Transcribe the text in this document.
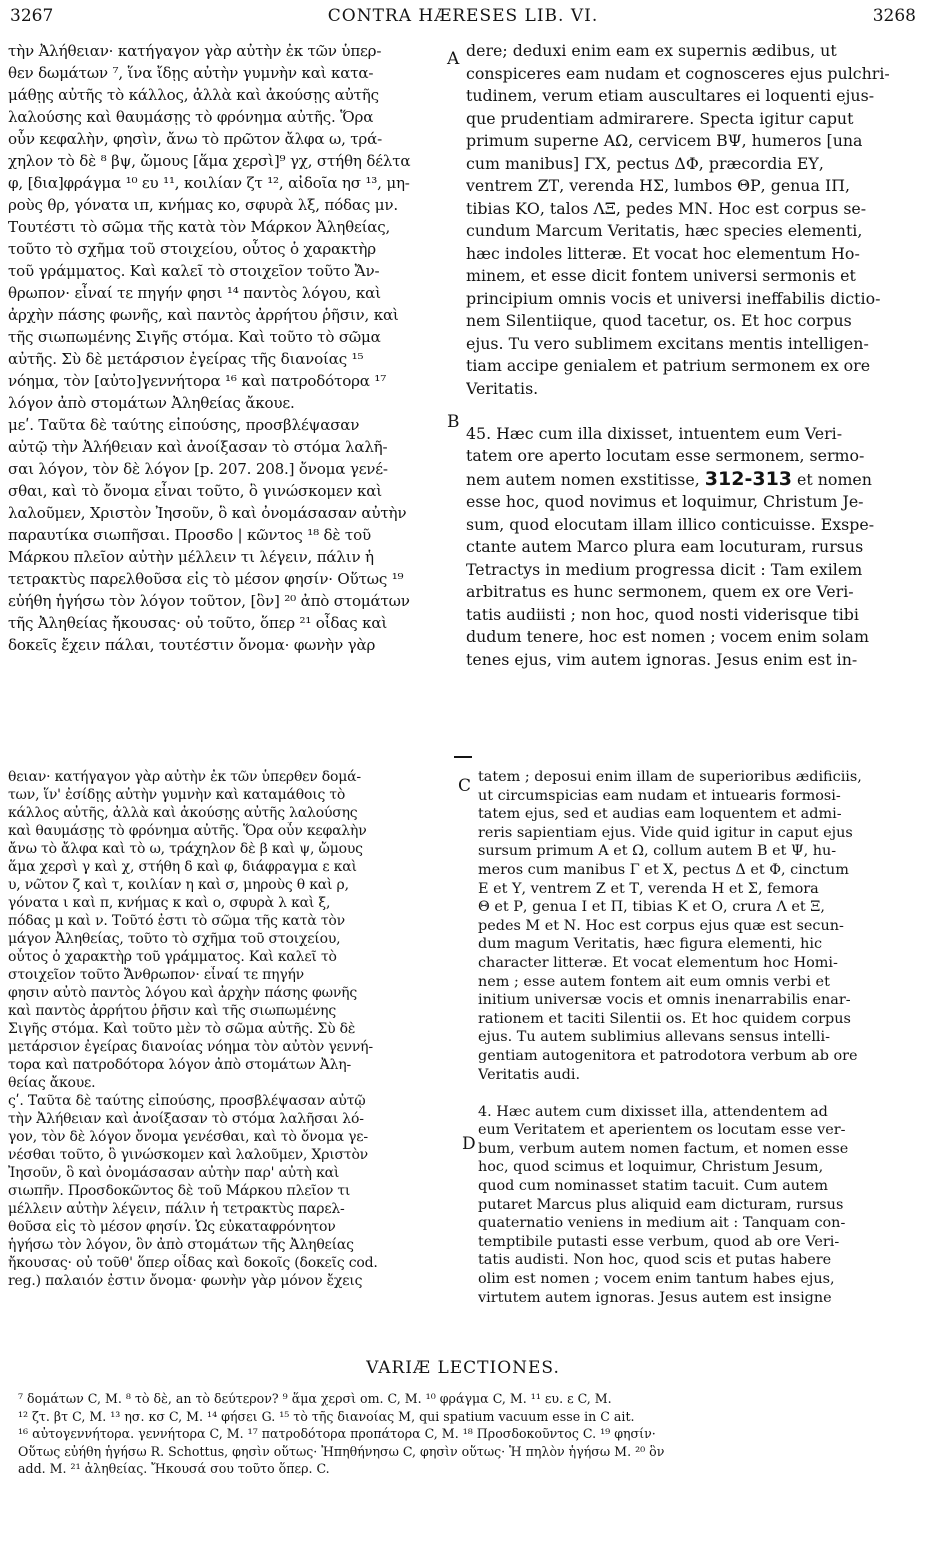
3267	CONTRA HÆRESES LIB. VI.	3268

τὴν Ἀλήθειαν· κατήγαγον γὰρ αὐτὴν ἐκ τῶν ὑπερ-

θεν δωμάτων ⁷, ἵνα ἴδῃς αὐτὴν γυμνὴν καὶ κατα-

μάθῃς αὐτῆς τὸ κάλλος, ἀλλὰ καὶ ἀκούσῃς αὐτῆς

λαλούσης καὶ θαυμάσῃς τὸ φρόνημα αὐτῆς. Ὅρα

οὖν κεφαλὴν, φησὶν, ἄνω τὸ πρῶτον ἄλφα ω, τρά-

χηλον τὸ δὲ ⁸ βψ, ὤμους [ἅμα χερσὶ]⁹ γχ, στήθη δέλτα

φ, [δια]φράγμα ¹⁰ ευ ¹¹, κοιλίαν ζτ ¹², αἰδοῖα ησ ¹³, μη-

ροὺς θρ, γόνατα ιπ, κνήμας κο, σφυρὰ λξ, πόδας μν.

Τουτέστι τὸ σῶμα τῆς κατὰ τὸν Μάρκον Ἀληθείας,

τοῦτο τὸ σχῆμα τοῦ στοιχείου, οὗτος ὁ χαρακτὴρ

τοῦ γράμματος. Καὶ καλεῖ τὸ στοιχεῖον τοῦτο Ἄν-

θρωπον· εἶναί τε πηγήν φησι ¹⁴ παντὸς λόγου, καὶ

ἀρχὴν πάσης φωνῆς, καὶ παντὸς ἀρρήτου ῥῆσιν, καὶ

τῆς σιωπωμένης Σιγῆς στόμα. Καὶ τοῦτο τὸ σῶμα

αὐτῆς. Σὺ δὲ μετάρσιον ἐγείρας τῆς διανοίας ¹⁵

νόημα, τὸν [αὐτο]γεννήτορα ¹⁶ καὶ πατροδότορα ¹⁷

λόγον ἀπὸ στομάτων Ἀληθείας ἄκουε.

μεʹ. Ταῦτα δὲ ταύτης εἰπούσης, προσβλέψασαν

αὐτῷ τὴν Ἀλήθειαν καὶ ἀνοίξασαν τὸ στόμα λαλῆ-

σαι λόγον, τὸν δὲ λόγον [p. 207. 208.] ὄνομα γενέ-

σθαι, καὶ τὸ ὄνομα εἶναι τοῦτο, ὃ γινώσκομεν καὶ

λαλοῦμεν, Χριστὸν Ἰησοῦν, ὃ καὶ ὀνομάσασαν αὐτὴν

παραυτίκα σιωπῆσαι. Προσδο | κῶντος ¹⁸ δὲ τοῦ

Μάρκου πλεῖον αὐτὴν μέλλειν τι λέγειν, πάλιν ἡ

τετρακτὺς παρελθοῦσα εἰς τὸ μέσον φησίν· Οὕτως ¹⁹

εὐήθη ἡγήσω τὸν λόγον τοῦτον, [ὃν] ²⁰ ἀπὸ στομάτων

τῆς Ἀληθείας ἤκουσας· οὐ τοῦτο, ὅπερ ²¹ οἶδας καὶ

δοκεῖς ἔχειν πάλαι, τουτέστιν ὄνομα· φωνὴν γὰρ

dere; deduxi enim eam ex supernis ædibus, ut

conspiceres eam nudam et cognosceres ejus pulchri-

tudinem, verum etiam auscultares ei loquenti ejus-

que prudentiam admirarere. Specta igitur caput

primum superne ΑΩ, cervicem ΒΨ, humeros [una

cum manibus] ΓΧ, pectus ΔΦ, præcordia ΕΥ,

ventrem ΖΤ, verenda ΗΣ, lumbos ΘΡ, genua ΙΠ,

tibias ΚΟ, talos ΛΞ, pedes ΜΝ. Hoc est corpus se-

cundum Marcum Veritatis, hæc species elementi,

hæc indoles litteræ. Et vocat hoc elementum Ho-

minem, et esse dicit fontem universi sermonis et

principium omnis vocis et universi ineffabilis dictio-

nem Silentiique, quod tacetur, os. Et hoc corpus

ejus. Tu vero sublimem excitans mentis intelligen-

tiam accipe genialem et patrium sermonem ex ore

Veritatis.

45. Hæc cum illa dixisset, intuentem eum Veri-

tatem ore aperto locutam esse sermonem, sermo-

nem autem nomen exstitisse, 312-313 et nomen

esse hoc, quod novimus et loquimur, Christum Je-

sum, quod elocutam illam illico conticuisse. Exspe-

ctante autem Marco plura eam locuturam, rursus

Tetractys in medium progressa dicit : Tam exilem

arbitratus es hunc sermonem, quem ex ore Veri-

tatis audiisti ; non hoc, quod nosti viderisque tibi

dudum tenere, hoc est nomen ; vocem enim solam

tenes ejus, vim autem ignoras. Jesus enim est in-

A
B

θειαν· κατήγαγον γὰρ αὐτὴν ἐκ τῶν ὑπερθεν δομά-

των, ἵν' ἐσίδῃς αὐτὴν γυμνὴν καὶ καταμάθοις τὸ

κάλλος αὐτῆς, ἀλλὰ καὶ ἀκούσῃς αὐτῆς λαλούσης

καὶ θαυμάσῃς τὸ φρόνημα αὐτῆς. Ὅρα οὖν κεφαλὴν

ἄνω τὸ ἄλφα καὶ τὸ ω, τράχηλον δὲ β καὶ ψ, ὤμους

ἅμα χερσὶ γ καὶ χ, στήθη δ καὶ φ, διάφραγμα ε καὶ

υ, νῶτον ζ καὶ τ, κοιλίαν η καὶ σ, μηροὺς θ καὶ ρ,

γόνατα ι καὶ π, κνήμας κ καὶ ο, σφυρὰ λ καὶ ξ,

πόδας μ καὶ ν. Τοῦτό ἐστι τὸ σῶμα τῆς κατὰ τὸν

μάγον Ἀληθείας, τοῦτο τὸ σχῆμα τοῦ στοιχείου,

οὗτος ὁ χαρακτὴρ τοῦ γράμματος. Καὶ καλεῖ τὸ

στοιχεῖον τοῦτο Ἄνθρωπον· εἶναί τε πηγήν

φησιν αὐτὸ παντὸς λόγου καὶ ἀρχὴν πάσης φωνῆς

καὶ παντὸς ἀρρήτου ῥῆσιν καὶ τῆς σιωπωμένης

Σιγῆς στόμα. Καὶ τοῦτο μὲν τὸ σῶμα αὐτῆς. Σὺ δὲ

μετάρσιον ἐγείρας διανοίας νόημα τὸν αὐτὸν γεννή-

τορα καὶ πατροδότορα λόγον ἀπὸ στομάτων Ἀλη-

θείας ἄκουε.

ςʹ. Ταῦτα δὲ ταύτης εἰπούσης, προσβλέψασαν αὐτῷ

τὴν Ἀλήθειαν καὶ ἀνοίξασαν τὸ στόμα λαλῆσαι λό-

γον, τὸν δὲ λόγον ὄνομα γενέσθαι, καὶ τὸ ὄνομα γε-

νέσθαι τοῦτο, ὃ γινώσκομεν καὶ λαλοῦμεν, Χριστὸν

Ἰησοῦν, ὃ καὶ ὀνομάσασαν αὐτὴν παρ' αὐτὴ καὶ

σιωπῆν. Προσδοκῶντος δὲ τοῦ Μάρκου πλεῖον τι

μέλλειν αὐτὴν λέγειν, πάλιν ἡ τετρακτὺς παρελ-

θοῦσα εἰς τὸ μέσον φησίν. Ὡς εὐκαταφρόνητον

ἡγήσω τὸν λόγον, ὃν ἀπὸ στομάτων τῆς Ἀληθείας

ἤκουσας· οὐ τοῦθ' ὅπερ οἶδας καὶ δοκοῖς (δοκεῖς cod.

reg.) παλαιόν ἐστιν ὄνομα· φωνὴν γὰρ μόνον ἔχεις

tatem ; deposui enim illam de superioribus ædificiis,

ut circumspicias eam nudam et intuearis formosi-

tatem ejus, sed et audias eam loquentem et admi-

reris sapientiam ejus. Vide quid igitur in caput ejus

sursum primum Α et Ω, collum autem Β et Ψ, hu-

meros cum manibus Γ et Χ, pectus Δ et Φ, cinctum

Ε et Υ, ventrem Ζ et Τ, verenda Η et Σ, femora

Θ et Ρ, genua Ι et Π, tibias Κ et Ο, crura Λ et Ξ,

pedes Μ et Ν. Hoc est corpus ejus quæ est secun-

dum magum Veritatis, hæc figura elementi, hic

character litteræ. Et vocat elementum hoc Homi-

nem ; esse autem fontem ait eum omnis verbi et

initium universæ vocis et omnis inenarrabilis enar-

rationem et taciti Silentii os. Et hoc quidem corpus

ejus. Tu autem sublimius allevans sensus intelli-

gentiam autogenitora et patrodotora verbum ab ore

Veritatis audi.

4. Hæc autem cum dixisset illa, attendentem ad

eum Veritatem et aperientem os locutam esse ver-

bum, verbum autem nomen factum, et nomen esse

hoc, quod scimus et loquimur, Christum Jesum,

quod cum nominasset statim tacuit. Cum autem

putaret Marcus plus aliquid eam dicturam, rursus

quaternatio veniens in medium ait : Tanquam con-

temptibile putasti esse verbum, quod ab ore Veri-

tatis audisti. Non hoc, quod scis et putas habere

olim est nomen ; vocem enim tantum habes ejus,

virtutem autem ignoras. Jesus autem est insigne

C
D
VARIÆ LECTIONES.

⁷ δομάτων C, M. ⁸ τὸ δὲ, an τὸ δεύτερον? ⁹ ἅμα χερσὶ om. C, M. ¹⁰ φράγμα C, M. ¹¹ ευ. ε C, M.

¹² ζτ. βτ C, M. ¹³ ησ. κσ C, M. ¹⁴ φήσει G. ¹⁵ τὸ τῆς διανοίας M, qui spatium vacuum esse in C ait.

¹⁶ αὐτογεννήτορα. γεννήτορα C, M. ¹⁷ πατροδότορα προπάτορα C, M. ¹⁸ Προσδοκοῦντος C. ¹⁹ φησίν·

Οὕτως εὐήθη ἡγήσω R. Schottus, φησὶν οὕτως· Ἠπηθήνησω C, φησὶν οὕτως· Ἡ πηλὸν ἡγήσω M. ²⁰ ὃν

add. M. ²¹ ἀληθείας. Ἤκουσά σου τοῦτο ὅπερ. C.
